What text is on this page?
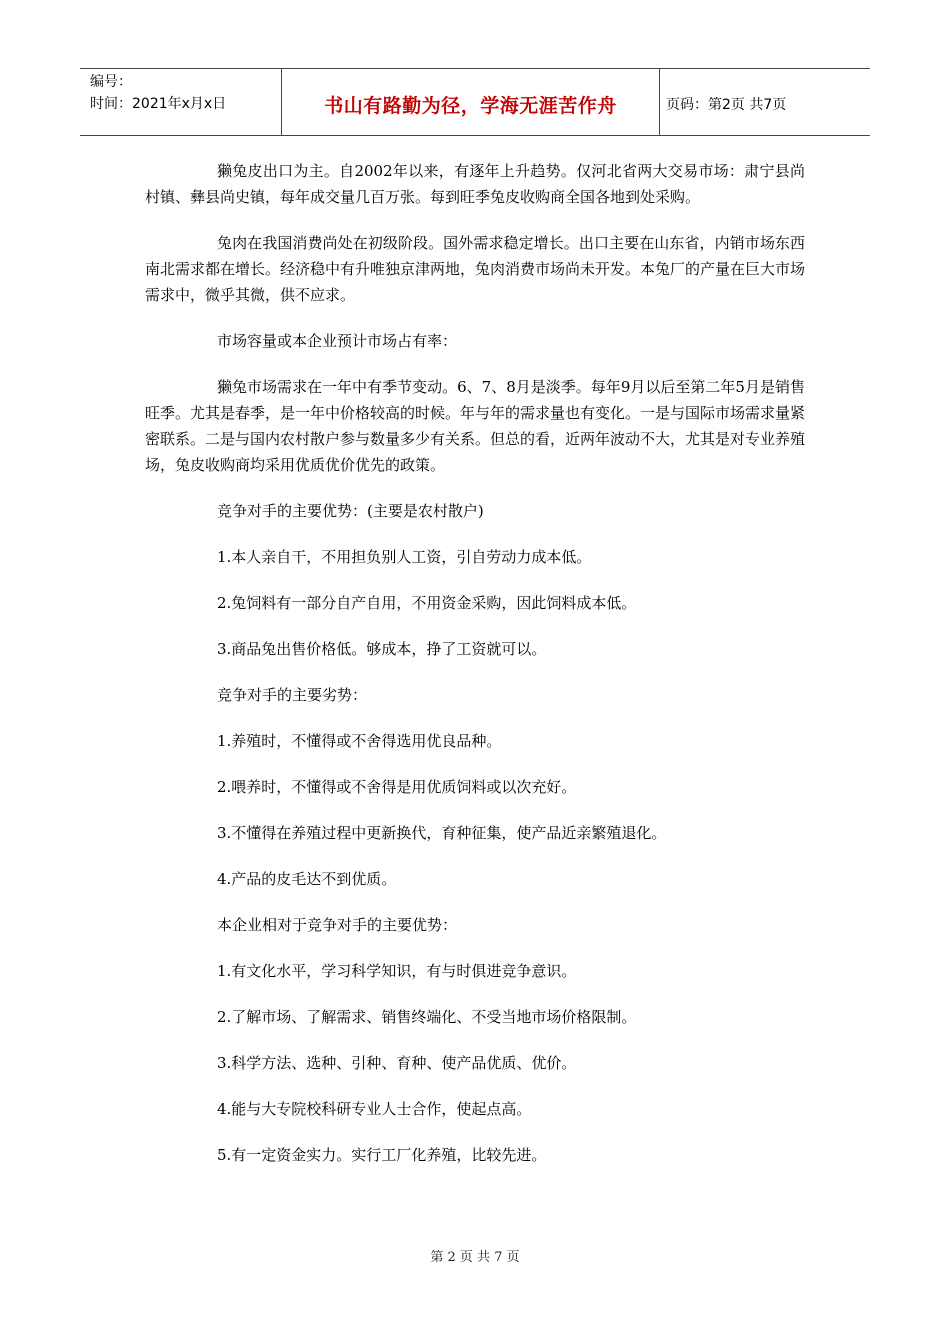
编号：
时间：2021年x月x日	书山有路勤为径，学海无涯苦作舟	页码：第2页 共7页

獭兔皮出口为主。自2002年以来，有逐年上升趋势。仅河北省两大交易市场：肃宁县尚村镇、彝县尚史镇，每年成交量几百万张。每到旺季兔皮收购商全国各地到处采购。

兔肉在我国消费尚处在初级阶段。国外需求稳定增长。出口主要在山东省，内销市场东西南北需求都在增长。经济稳中有升唯独京津两地，兔肉消费市场尚未开发。本兔厂的产量在巨大市场需求中，微乎其微，供不应求。

市场容量或本企业预计市场占有率：

獭兔市场需求在一年中有季节变动。6、7、8月是淡季。每年9月以后至第二年5月是销售旺季。尤其是春季，是一年中价格较高的时候。年与年的需求量也有变化。一是与国际市场需求量紧密联系。二是与国内农村散户参与数量多少有关系。但总的看，近两年波动不大，尤其是对专业养殖场，兔皮收购商均采用优质优价优先的政策。

竞争对手的主要优势：(主要是农村散户)

1.本人亲自干，不用担负别人工资，引自劳动力成本低。

2.兔饲料有一部分自产自用，不用资金采购，因此饲料成本低。

3.商品兔出售价格低。够成本，挣了工资就可以。

竞争对手的主要劣势：

1.养殖时，不懂得或不舍得选用优良品种。

2.喂养时，不懂得或不舍得是用优质饲料或以次充好。

3.不懂得在养殖过程中更新换代，育种征集，使产品近亲繁殖退化。

4.产品的皮毛达不到优质。

本企业相对于竞争对手的主要优势：

1.有文化水平，学习科学知识，有与时俱进竞争意识。

2.了解市场、了解需求、销售终端化、不受当地市场价格限制。

3.科学方法、选种、引种、育种、使产品优质、优价。

4.能与大专院校科研专业人士合作，使起点高。

5.有一定资金实力。实行工厂化养殖，比较先进。

第 2 页 共 7 页
